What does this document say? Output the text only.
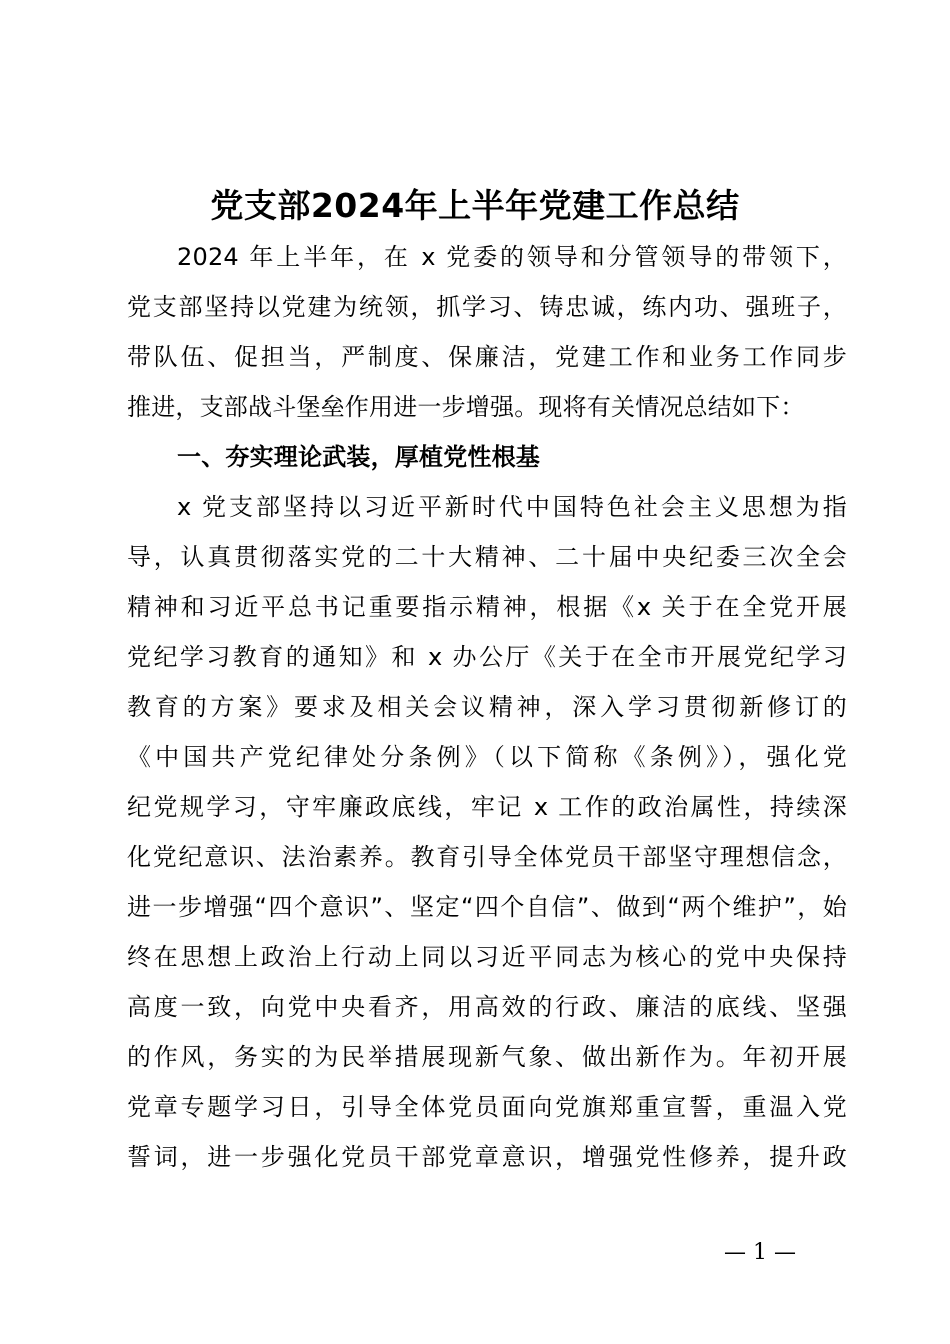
党支部2024年上半年党建工作总结
2024 年上半年，在 x 党委的领导和分管领导的带领下，
党支部坚持以党建为统领，抓学习、铸忠诚，练内功、强班子，
带队伍、促担当，严制度、保廉洁，党建工作和业务工作同步
推进，支部战斗堡垒作用进一步增强。现将有关情况总结如下：
一、夯实理论武装，厚植党性根基
x 党支部坚持以习近平新时代中国特色社会主义思想为指
导，认真贯彻落实党的二十大精神、二十届中央纪委三次全会
精神和习近平总书记重要指示精神，根据《x 关于在全党开展
党纪学习教育的通知》和 x 办公厅《关于在全市开展党纪学习
教育的方案》要求及相关会议精神，深入学习贯彻新修订的
《中国共产党纪律处分条例》（以下简称《条例》），强化党
纪党规学习，守牢廉政底线，牢记 x 工作的政治属性，持续深
化党纪意识、法治素养。教育引导全体党员干部坚守理想信念，
进一步增强“四个意识”、坚定“四个自信”、做到“两个维护”，始
终在思想上政治上行动上同以习近平同志为核心的党中央保持
高度一致，向党中央看齐，用高效的行政、廉洁的底线、坚强
的作风，务实的为民举措展现新气象、做出新作为。年初开展
党章专题学习日，引导全体党员面向党旗郑重宣誓，重温入党
誓词，进一步强化党员干部党章意识，增强党性修养，提升政
— 1 —
